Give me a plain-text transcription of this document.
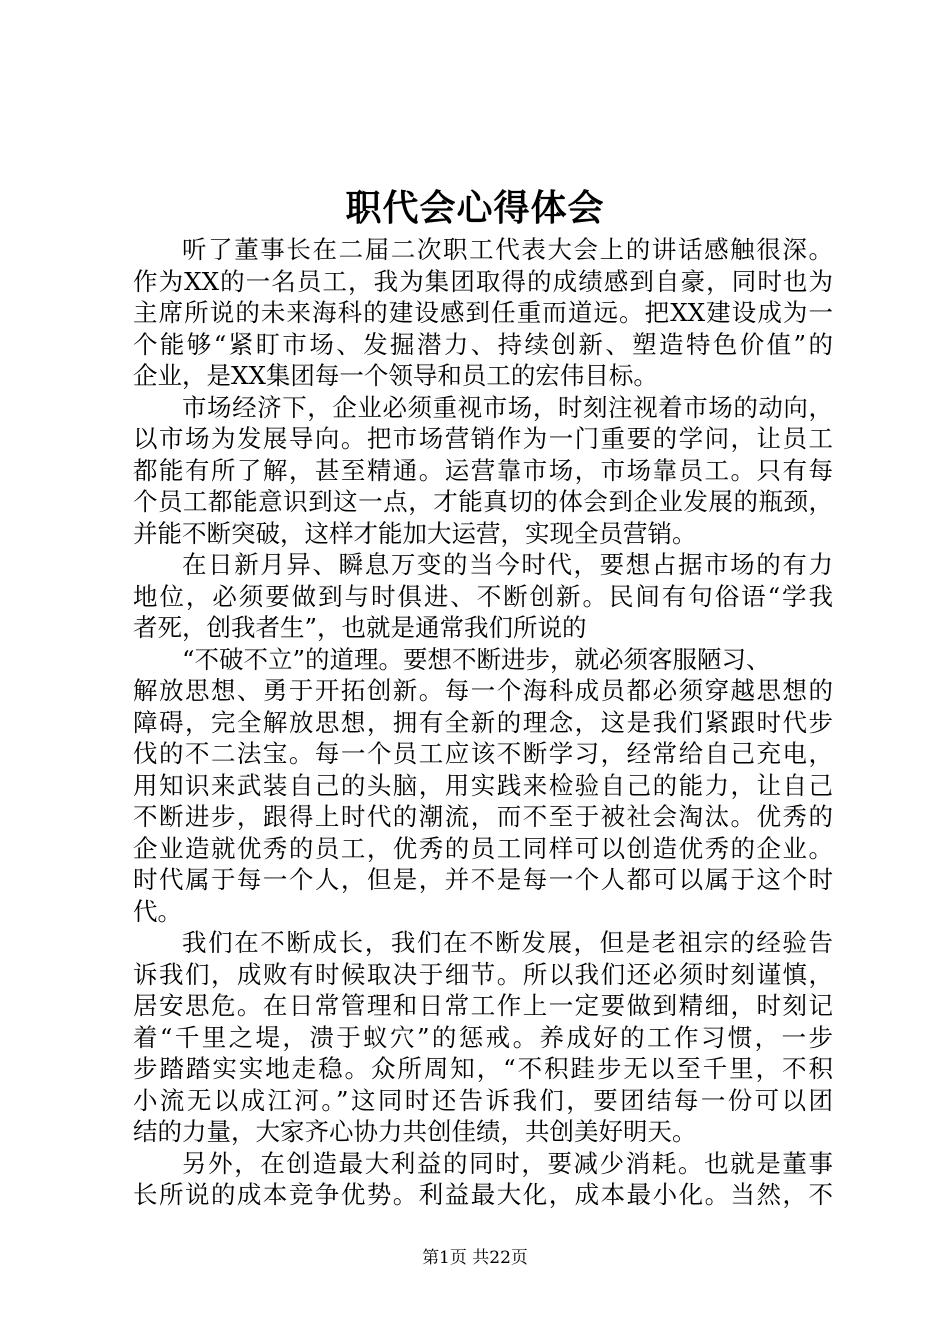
职代会心得体会
听了董事长在二届二次职工代表大会上的讲话感触很深。
作为XX的一名员工，我为集团取得的成绩感到自豪，同时也为
主席所说的未来海科的建设感到任重而道远。把XX建设成为一
个能够“紧盯市场、发掘潜力、持续创新、塑造特色价值”的
企业，是XX集团每一个领导和员工的宏伟目标。
市场经济下，企业必须重视市场，时刻注视着市场的动向，
以市场为发展导向。把市场营销作为一门重要的学问，让员工
都能有所了解，甚至精通。运营靠市场，市场靠员工。只有每
个员工都能意识到这一点，才能真切的体会到企业发展的瓶颈，
并能不断突破，这样才能加大运营，实现全员营销。
在日新月异、瞬息万变的当今时代，要想占据市场的有力
地位，必须要做到与时俱进、不断创新。民间有句俗语“学我
者死，创我者生”，也就是通常我们所说的
“不破不立”的道理。要想不断进步，就必须客服陋习、
解放思想、勇于开拓创新。每一个海科成员都必须穿越思想的
障碍，完全解放思想，拥有全新的理念，这是我们紧跟时代步
伐的不二法宝。每一个员工应该不断学习，经常给自己充电，
用知识来武装自己的头脑，用实践来检验自己的能力，让自己
不断进步，跟得上时代的潮流，而不至于被社会淘汰。优秀的
企业造就优秀的员工，优秀的员工同样可以创造优秀的企业。
时代属于每一个人，但是，并不是每一个人都可以属于这个时
代。
我们在不断成长，我们在不断发展，但是老祖宗的经验告
诉我们，成败有时候取决于细节。所以我们还必须时刻谨慎，
居安思危。在日常管理和日常工作上一定要做到精细，时刻记
着“千里之堤，溃于蚁穴”的惩戒。养成好的工作习惯，一步
步踏踏实实地走稳。众所周知，“不积跬步无以至千里，不积
小流无以成江河。”这同时还告诉我们，要团结每一份可以团
结的力量，大家齐心协力共创佳绩，共创美好明天。
另外，在创造最大利益的同时，要减少消耗。也就是董事
长所说的成本竞争优势。利益最大化，成本最小化。当然，不
第1页 共22页
